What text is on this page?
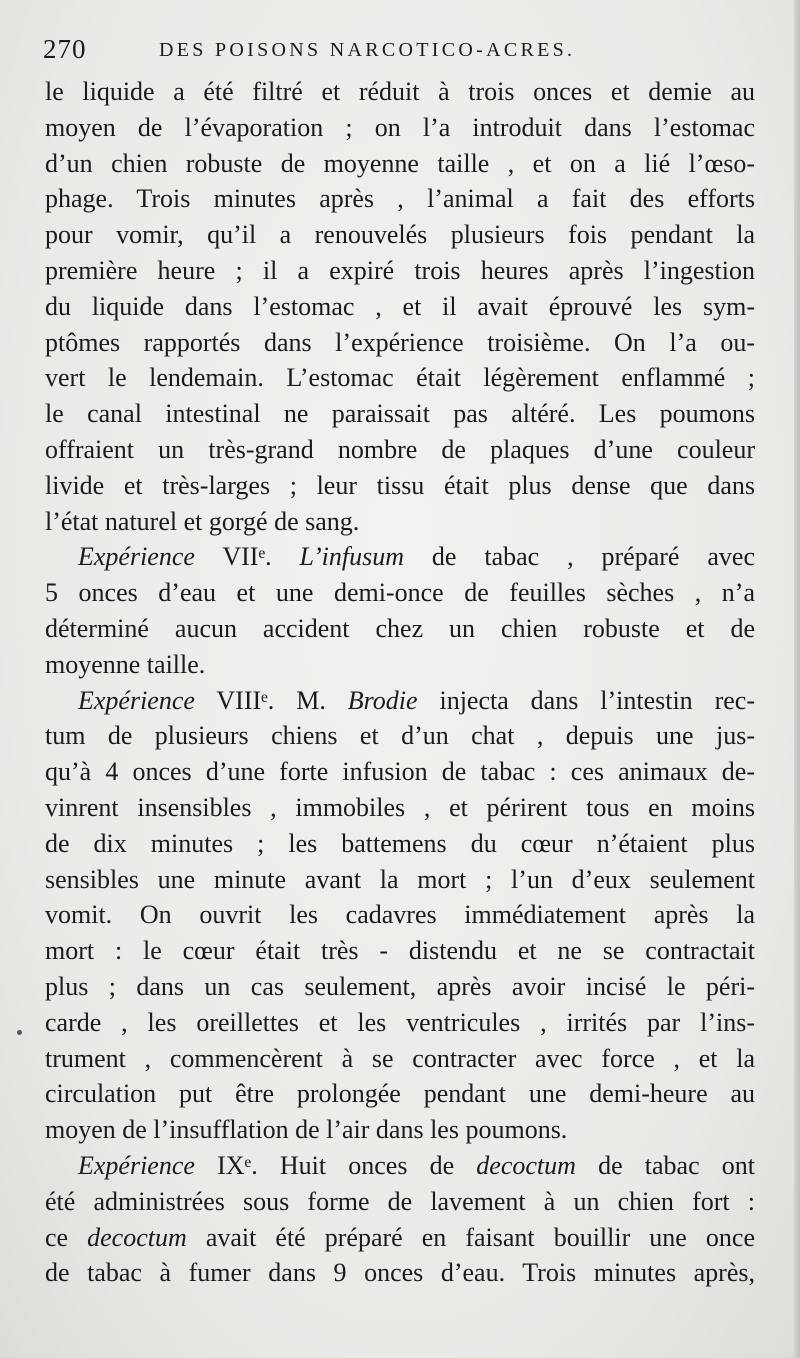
270	DES POISONS NARCOTICO-ACRES.
le liquide a été filtré et réduit à trois onces et demie au
moyen de l’évaporation ; on l’a introduit dans l’estomac
d’un chien robuste de moyenne taille , et on a lié l’œso-
phage. Trois minutes après , l’animal a fait des efforts
pour vomir, qu’il a renouvelés plusieurs fois pendant la
première heure ; il a expiré trois heures après l’ingestion
du liquide dans l’estomac , et il avait éprouvé les sym-
ptômes rapportés dans l’expérience troisième. On l’a ou-
vert le lendemain. L’estomac était légèrement enflammé ;
le canal intestinal ne paraissait pas altéré. Les poumons
offraient un très-grand nombre de plaques d’une couleur
livide et très-larges ; leur tissu était plus dense que dans
l’état naturel et gorgé de sang.
Expérience VIIᵉ. L’infusum de tabac , préparé avec
5 onces d’eau et une demi-once de feuilles sèches , n’a
déterminé aucun accident chez un chien robuste et de
moyenne taille.
Expérience VIIIᵉ. M. Brodie injecta dans l’intestin rec-
tum de plusieurs chiens et d’un chat , depuis une jus-
qu’à 4 onces d’une forte infusion de tabac : ces animaux de-
vinrent insensibles , immobiles , et périrent tous en moins
de dix minutes ; les battemens du cœur n’étaient plus
sensibles une minute avant la mort ; l’un d’eux seulement
vomit. On ouvrit les cadavres immédiatement après la
mort : le cœur était très - distendu et ne se contractait
plus ; dans un cas seulement, après avoir incisé le péri-
carde , les oreillettes et les ventricules , irrités par l’ins-
trument , commencèrent à se contracter avec force , et la
circulation put être prolongée pendant une demi-heure au
moyen de l’insufflation de l’air dans les poumons.
Expérience IXᵉ. Huit onces de decoctum de tabac ont
été administrées sous forme de lavement à un chien fort :
ce decoctum avait été préparé en faisant bouillir une once
de tabac à fumer dans 9 onces d’eau. Trois minutes après,
